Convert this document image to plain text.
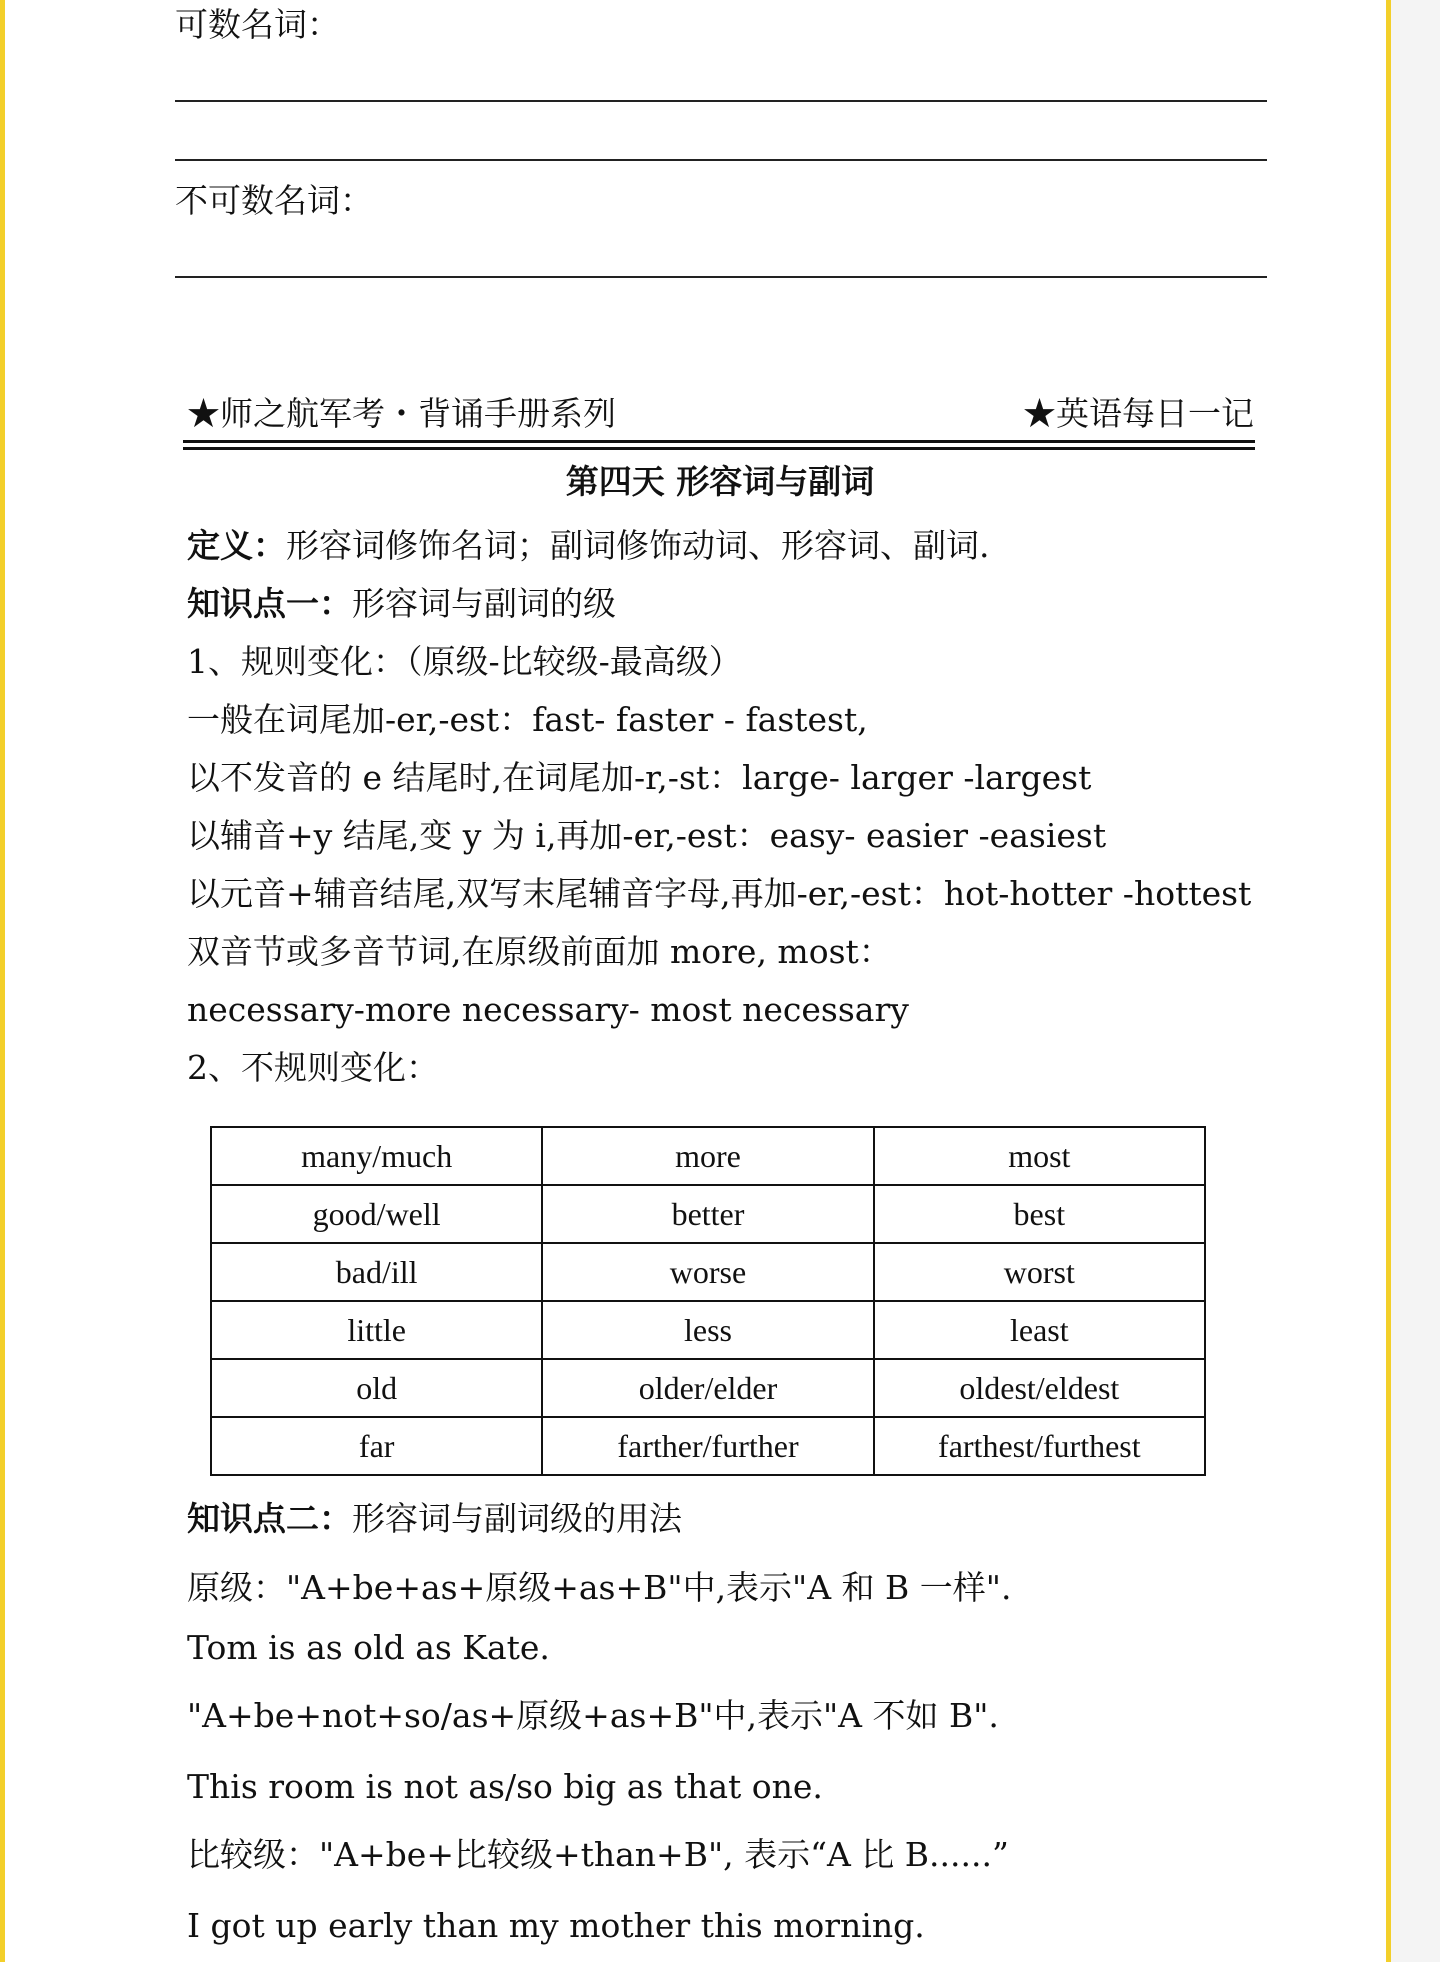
可数名词：
不可数名词：
★师之航军考・背诵手册系列	★英语每日一记
第四天 形容词与副词
定义：形容词修饰名词；副词修饰动词、形容词、副词.
知识点一：形容词与副词的级
1、规则变化：（原级-比较级-最高级）
一般在词尾加-er,-est：fast- faster - fastest,
以不发音的 e 结尾时,在词尾加-r,-st：large- larger -largest
以辅音+y 结尾,变 y 为 i,再加-er,-est：easy- easier -easiest
以元音+辅音结尾,双写末尾辅音字母,再加-er,-est：hot-hotter -hottest
双音节或多音节词,在原级前面加 more, most：
necessary-more necessary- most necessary
2、不规则变化：
many/much	more	most
good/well	better	best
bad/ill	worse	worst
little	less	least
old	older/elder	oldest/eldest
far	farther/further	farthest/furthest
知识点二：形容词与副词级的用法
原级："A+be+as+原级+as+B"中,表示"A 和 B 一样".
Tom is as old as Kate.
"A+be+not+so/as+原级+as+B"中,表示"A 不如 B".
This room is not as/so big as that one.
比较级："A+be+比较级+than+B", 表示“A 比 B......”
I got up early than my mother this morning.
